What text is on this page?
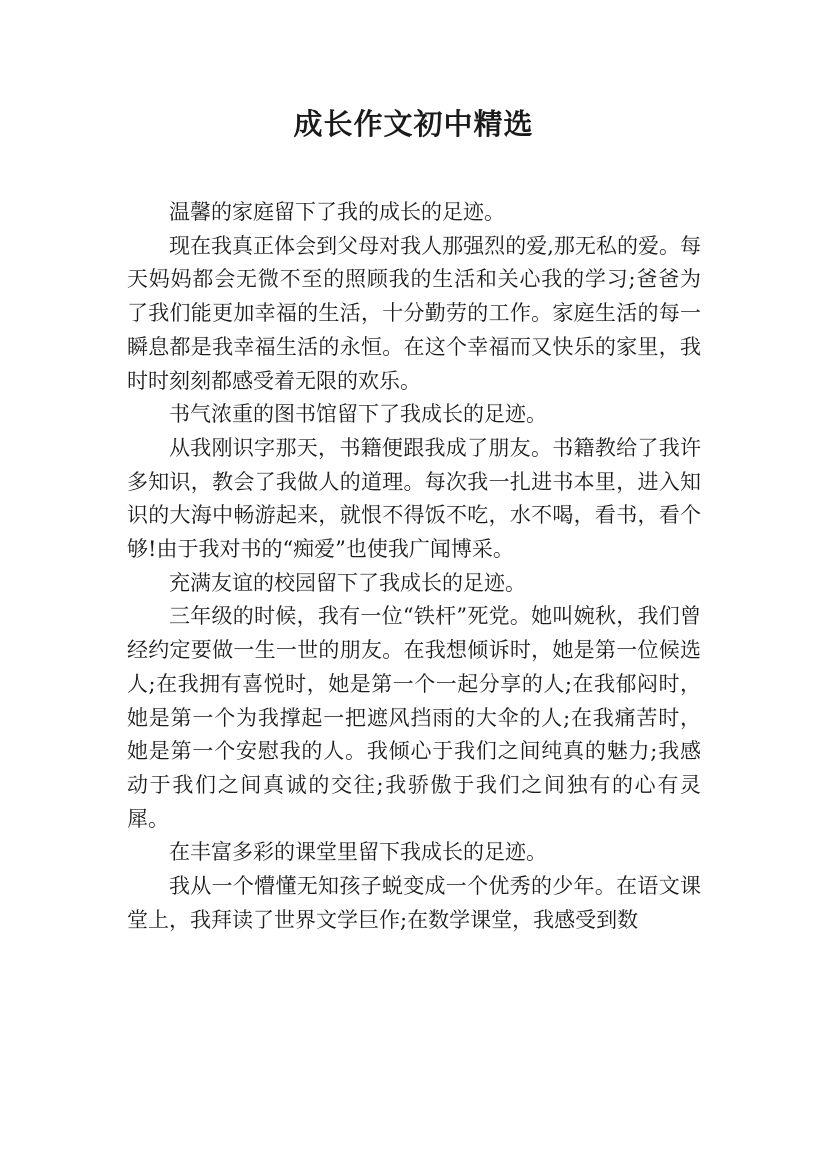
成长作文初中精选

温馨的家庭留下了我的成长的足迹。

现在我真正体会到父母对我人那强烈的爱,那无私的爱。每天妈妈都会无微不至的照顾我的生活和关心我的学习;爸爸为了我们能更加幸福的生活，十分勤劳的工作。家庭生活的每一瞬息都是我幸福生活的永恒。在这个幸福而又快乐的家里，我时时刻刻都感受着无限的欢乐。

书气浓重的图书馆留下了我成长的足迹。

从我刚识字那天，书籍便跟我成了朋友。书籍教给了我许多知识，教会了我做人的道理。每次我一扎进书本里，进入知识的大海中畅游起来，就恨不得饭不吃，水不喝，看书，看个够!由于我对书的“痴爱”也使我广闻博采。

充满友谊的校园留下了我成长的足迹。

三年级的时候，我有一位“铁杆”死党。她叫婉秋，我们曾经约定要做一生一世的朋友。在我想倾诉时，她是第一位候选人;在我拥有喜悦时，她是第一个一起分享的人;在我郁闷时，她是第一个为我撑起一把遮风挡雨的大伞的人;在我痛苦时，她是第一个安慰我的人。我倾心于我们之间纯真的魅力;我感动于我们之间真诚的交往;我骄傲于我们之间独有的心有灵犀。

在丰富多彩的课堂里留下我成长的足迹。

我从一个懵懂无知孩子蜕变成一个优秀的少年。在语文课堂上，我拜读了世界文学巨作;在数学课堂，我感受到数
